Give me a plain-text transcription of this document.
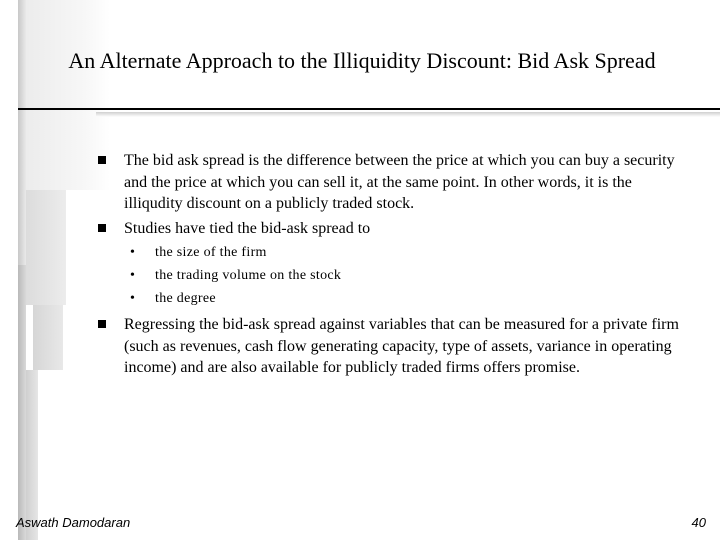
An Alternate Approach to the Illiquidity Discount: Bid Ask Spread
The bid ask spread is the difference between the price at which you can buy a security and the price at which you can sell it, at the same point. In other words, it is the illiqudity discount on a publicly traded stock.
Studies have tied the bid-ask spread to
• the size of the firm
• the trading volume on the stock
• the degree
Regressing the bid-ask spread against variables that can be measured for a private firm (such as revenues, cash flow generating capacity, type of assets, variance in operating income) and are also available for publicly traded firms offers promise.
Aswath Damodaran	40
